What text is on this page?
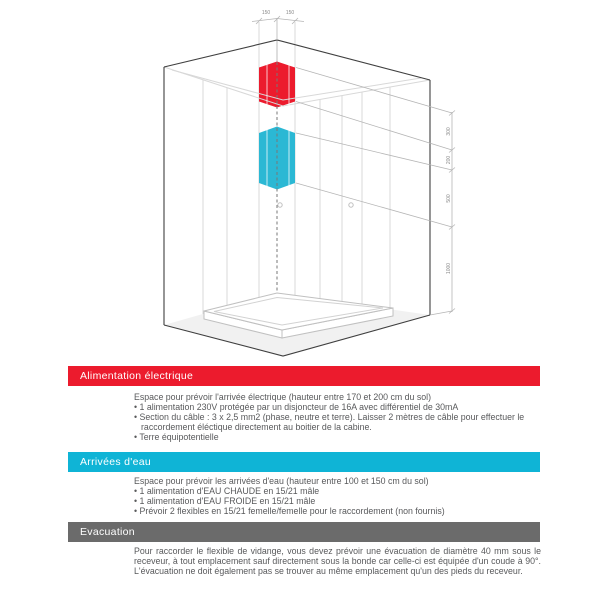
150	150
300
200
500
1000
Alimentation électrique

Espace pour prévoir l'arrivée électrique (hauteur entre 170 et 200 cm du sol)

• 1 alimentation 230V protégée par un disjoncteur de 16A avec différentiel de 30mA
• Section du câble : 3 x 2,5 mm2 (phase, neutre et terre). Laisser 2 mètres de câble pour effectuer le raccordement éléctique directement au boitier de la cabine.
• Terre équipotentielle
Arrivées d'eau

Espace pour prévoir les arrivées d'eau (hauteur entre 100 et 150 cm du sol)

• 1 alimentation d'EAU CHAUDE en 15/21 mâle
• 1 alimentation d'EAU FROIDE en 15/21 mâle
• Prévoir 2 flexibles en 15/21 femelle/femelle pour le raccordement (non fournis)
Evacuation

Pour raccorder le flexible de vidange, vous devez prévoir une évacuation de diamètre 40 mm sous le receveur, à tout emplacement sauf directement sous la bonde car celle-ci est équipée d'un coude à 90°. L'évacuation ne doit également pas se trouver au même emplacement qu'un des pieds du receveur.
